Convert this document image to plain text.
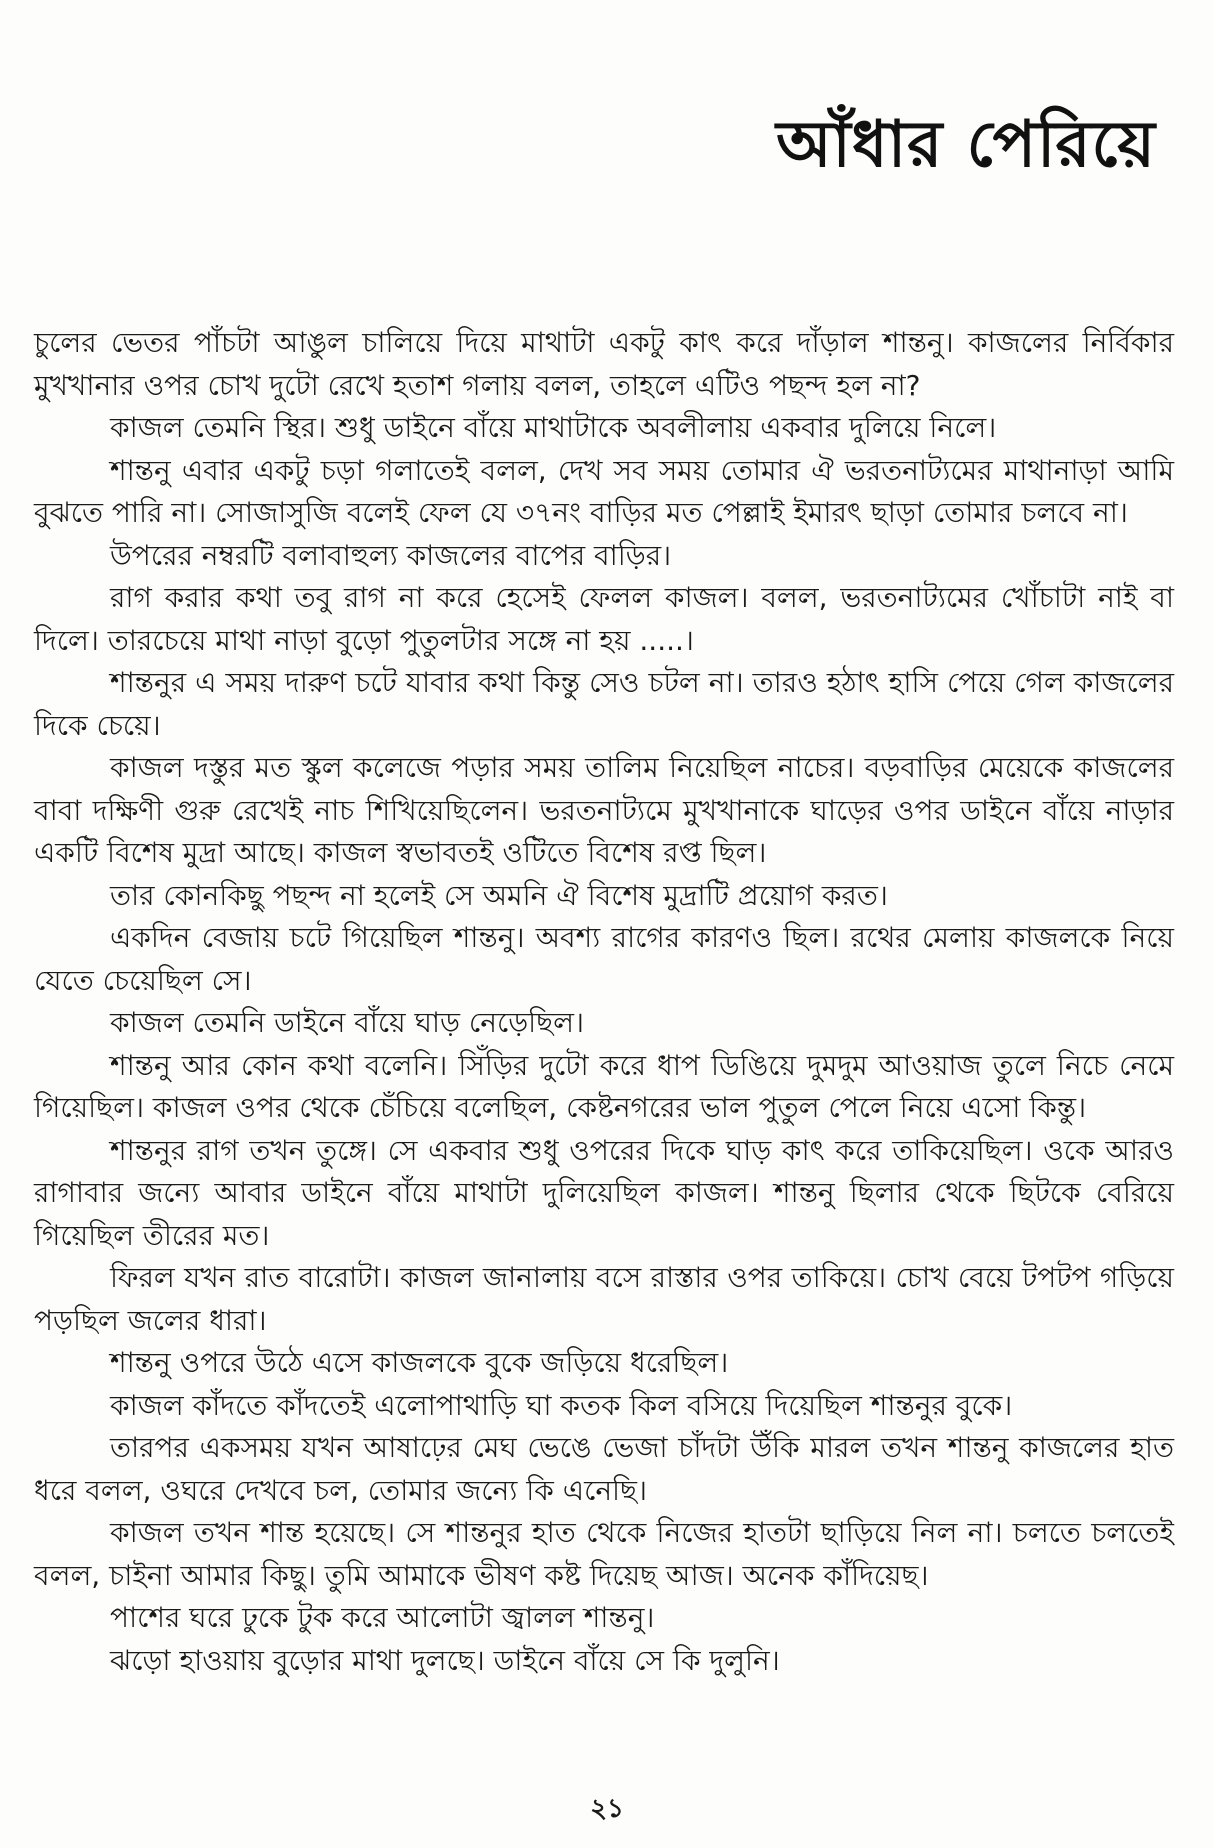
আঁধার পেরিয়ে

চুলের ভেতর পাঁচটা আঙুল চালিয়ে দিয়ে মাথাটা একটু কাৎ করে দাঁড়াল শান্তনু। কাজলের নির্বিকার মুখখানার ওপর চোখ দুটো রেখে হতাশ গলায় বলল, তাহলে এটিও পছন্দ হল না?

কাজল তেমনি স্থির। শুধু ডাইনে বাঁয়ে মাথাটাকে অবলীলায় একবার দুলিয়ে নিলে।

শান্তনু এবার একটু চড়া গলাতেই বলল, দেখ সব সময় তোমার ঐ ভরতনাট্যমের মাথানাড়া আমি বুঝতে পারি না। সোজাসুজি বলেই ফেল যে ৩৭নং বাড়ির মত পেল্লাই ইমারৎ ছাড়া তোমার চলবে না।

উপরের নম্বরটি বলাবাহুল্য কাজলের বাপের বাড়ির।

রাগ করার কথা তবু রাগ না করে হেসেই ফেলল কাজল। বলল, ভরতনাট্যমের খোঁচাটা নাই বা দিলে। তারচেয়ে মাথা নাড়া বুড়ো পুতুলটার সঙ্গে না হয় .....।

শান্তনুর এ সময় দারুণ চটে যাবার কথা কিন্তু সেও চটল না। তারও হঠাৎ হাসি পেয়ে গেল কাজলের দিকে চেয়ে।

কাজল দস্তুর মত স্কুল কলেজে পড়ার সময় তালিম নিয়েছিল নাচের। বড়বাড়ির মেয়েকে কাজলের বাবা দক্ষিণী গুরু রেখেই নাচ শিখিয়েছিলেন। ভরতনাট্যমে মুখখানাকে ঘাড়ের ওপর ডাইনে বাঁয়ে নাড়ার একটি বিশেষ মুদ্রা আছে। কাজল স্বভাবতই ওটিতে বিশেষ রপ্ত ছিল।

তার কোনকিছু পছন্দ না হলেই সে অমনি ঐ বিশেষ মুদ্রাটি প্রয়োগ করত।

একদিন বেজায় চটে গিয়েছিল শান্তনু। অবশ্য রাগের কারণও ছিল। রথের মেলায় কাজলকে নিয়ে যেতে চেয়েছিল সে।

কাজল তেমনি ডাইনে বাঁয়ে ঘাড় নেড়েছিল।

শান্তনু আর কোন কথা বলেনি। সিঁড়ির দুটো করে ধাপ ডিঙিয়ে দুমদুম আওয়াজ তুলে নিচে নেমে গিয়েছিল। কাজল ওপর থেকে চেঁচিয়ে বলেছিল, কেষ্টনগরের ভাল পুতুল পেলে নিয়ে এসো কিন্তু।

শান্তনুর রাগ তখন তুঙ্গে। সে একবার শুধু ওপরের দিকে ঘাড় কাৎ করে তাকিয়েছিল। ওকে আরও রাগাবার জন্যে আবার ডাইনে বাঁয়ে মাথাটা দুলিয়েছিল কাজল। শান্তনু ছিলার থেকে ছিটকে বেরিয়ে গিয়েছিল তীরের মত।

ফিরল যখন রাত বারোটা। কাজল জানালায় বসে রাস্তার ওপর তাকিয়ে। চোখ বেয়ে টপটপ গড়িয়ে পড়ছিল জলের ধারা।

শান্তনু ওপরে উঠে এসে কাজলকে বুকে জড়িয়ে ধরেছিল।

কাজল কাঁদতে কাঁদতেই এলোপাথাড়ি ঘা কতক কিল বসিয়ে দিয়েছিল শান্তনুর বুকে।

তারপর একসময় যখন আষাঢ়ের মেঘ ভেঙে ভেজা চাঁদটা উঁকি মারল তখন শান্তনু কাজলের হাত ধরে বলল, ওঘরে দেখবে চল, তোমার জন্যে কি এনেছি।

কাজল তখন শান্ত হয়েছে। সে শান্তনুর হাত থেকে নিজের হাতটা ছাড়িয়ে নিল না। চলতে চলতেই বলল, চাইনা আমার কিছু। তুমি আমাকে ভীষণ কষ্ট দিয়েছ আজ। অনেক কাঁদিয়েছ।

পাশের ঘরে ঢুকে টুক করে আলোটা জ্বালল শান্তনু।

ঝড়ো হাওয়ায় বুড়োর মাথা দুলছে। ডাইনে বাঁয়ে সে কি দুলুনি।

২১
